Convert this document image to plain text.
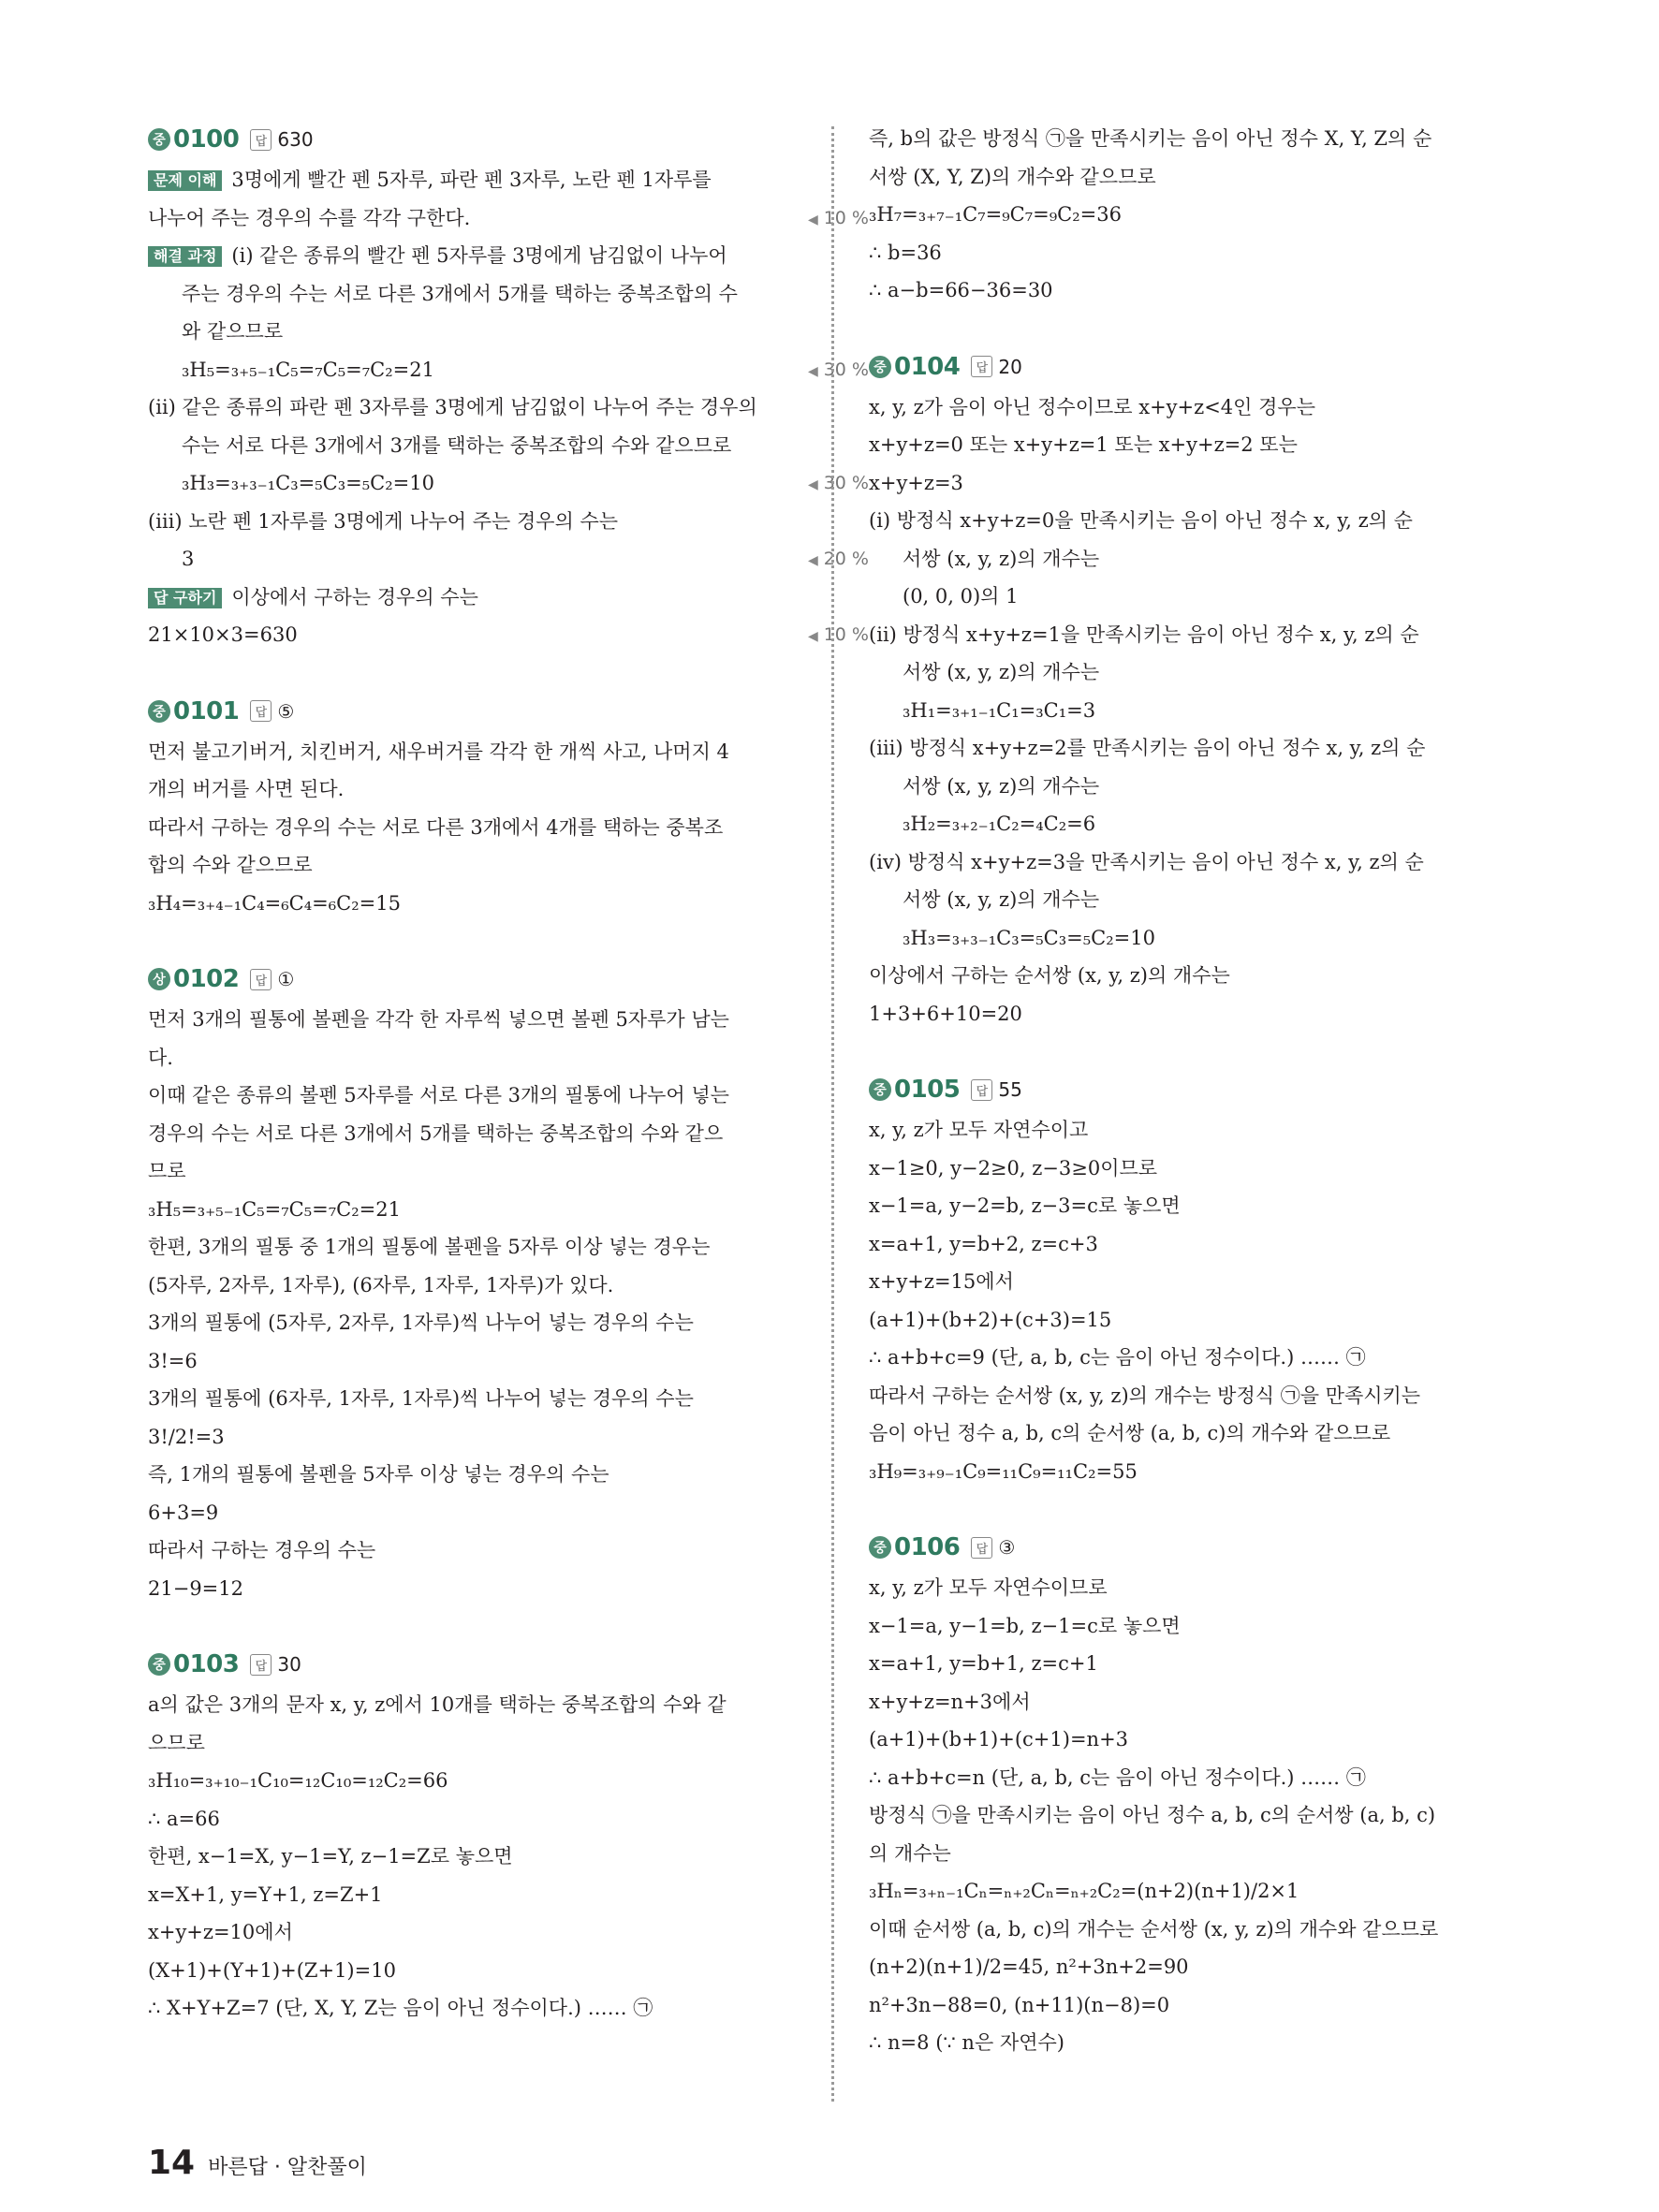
중 0100	답 630
문제 이해 3명에게 빨간 펜 5자루, 파란 펜 3자루, 노란 펜 1자루를
나누어 주는 경우의 수를 각각 구한다.	◀ 10 %
해결 과정 (ⅰ) 같은 종류의 빨간 펜 5자루를 3명에게 남김없이 나누어
주는 경우의 수는 서로 다른 3개에서 5개를 택하는 중복조합의 수
와 같으므로
₃H₅=₃₊₅₋₁C₅=₇C₅=₇C₂=21	◀ 30 %
(ⅱ) 같은 종류의 파란 펜 3자루를 3명에게 남김없이 나누어 주는 경우의
수는 서로 다른 3개에서 3개를 택하는 중복조합의 수와 같으므로
₃H₃=₃₊₃₋₁C₃=₅C₃=₅C₂=10	◀ 30 %
(ⅲ) 노란 펜 1자루를 3명에게 나누어 주는 경우의 수는
3	◀ 20 %
답 구하기 이상에서 구하는 경우의 수는
21×10×3=630	◀ 10 %
중 0101	답 ⑤
먼저 불고기버거, 치킨버거, 새우버거를 각각 한 개씩 사고, 나머지 4
개의 버거를 사면 된다.
따라서 구하는 경우의 수는 서로 다른 3개에서 4개를 택하는 중복조
합의 수와 같으므로
₃H₄=₃₊₄₋₁C₄=₆C₄=₆C₂=15
상 0102	답 ①
먼저 3개의 필통에 볼펜을 각각 한 자루씩 넣으면 볼펜 5자루가 남는
다.
이때 같은 종류의 볼펜 5자루를 서로 다른 3개의 필통에 나누어 넣는
경우의 수는 서로 다른 3개에서 5개를 택하는 중복조합의 수와 같으
므로
₃H₅=₃₊₅₋₁C₅=₇C₅=₇C₂=21
한편, 3개의 필통 중 1개의 필통에 볼펜을 5자루 이상 넣는 경우는
(5자루, 2자루, 1자루), (6자루, 1자루, 1자루)가 있다.
3개의 필통에 (5자루, 2자루, 1자루)씩 나누어 넣는 경우의 수는
3!=6
3개의 필통에 (6자루, 1자루, 1자루)씩 나누어 넣는 경우의 수는
3!/2!=3
즉, 1개의 필통에 볼펜을 5자루 이상 넣는 경우의 수는
6+3=9
따라서 구하는 경우의 수는
21−9=12
중 0103	답 30
a의 값은 3개의 문자 x, y, z에서 10개를 택하는 중복조합의 수와 같
으므로
₃H₁₀=₃₊₁₀₋₁C₁₀=₁₂C₁₀=₁₂C₂=66
∴ a=66
한편, x−1=X, y−1=Y, z−1=Z로 놓으면
x=X+1, y=Y+1, z=Z+1
x+y+z=10에서
(X+1)+(Y+1)+(Z+1)=10
∴ X+Y+Z=7 (단, X, Y, Z는 음이 아닌 정수이다.) …… ㉠
즉, b의 값은 방정식 ㉠을 만족시키는 음이 아닌 정수 X, Y, Z의 순
서쌍 (X, Y, Z)의 개수와 같으므로
₃H₇=₃₊₇₋₁C₇=₉C₇=₉C₂=36
∴ b=36
∴ a−b=66−36=30
중 0104	답 20
x, y, z가 음이 아닌 정수이므로 x+y+z<4인 경우는
x+y+z=0 또는 x+y+z=1 또는 x+y+z=2 또는
x+y+z=3
(ⅰ) 방정식 x+y+z=0을 만족시키는 음이 아닌 정수 x, y, z의 순
서쌍 (x, y, z)의 개수는
(0, 0, 0)의 1
(ⅱ) 방정식 x+y+z=1을 만족시키는 음이 아닌 정수 x, y, z의 순
서쌍 (x, y, z)의 개수는
₃H₁=₃₊₁₋₁C₁=₃C₁=3
(ⅲ) 방정식 x+y+z=2를 만족시키는 음이 아닌 정수 x, y, z의 순
서쌍 (x, y, z)의 개수는
₃H₂=₃₊₂₋₁C₂=₄C₂=6
(ⅳ) 방정식 x+y+z=3을 만족시키는 음이 아닌 정수 x, y, z의 순
서쌍 (x, y, z)의 개수는
₃H₃=₃₊₃₋₁C₃=₅C₃=₅C₂=10
이상에서 구하는 순서쌍 (x, y, z)의 개수는
1+3+6+10=20
중 0105	답 55
x, y, z가 모두 자연수이고
x−1≥0, y−2≥0, z−3≥0이므로
x−1=a, y−2=b, z−3=c로 놓으면
x=a+1, y=b+2, z=c+3
x+y+z=15에서
(a+1)+(b+2)+(c+3)=15
∴ a+b+c=9 (단, a, b, c는 음이 아닌 정수이다.) …… ㉠
따라서 구하는 순서쌍 (x, y, z)의 개수는 방정식 ㉠을 만족시키는
음이 아닌 정수 a, b, c의 순서쌍 (a, b, c)의 개수와 같으므로
₃H₉=₃₊₉₋₁C₉=₁₁C₉=₁₁C₂=55
중 0106	답 ③
x, y, z가 모두 자연수이므로
x−1=a, y−1=b, z−1=c로 놓으면
x=a+1, y=b+1, z=c+1
x+y+z=n+3에서
(a+1)+(b+1)+(c+1)=n+3
∴ a+b+c=n (단, a, b, c는 음이 아닌 정수이다.) …… ㉠
방정식 ㉠을 만족시키는 음이 아닌 정수 a, b, c의 순서쌍 (a, b, c)
의 개수는
₃Hₙ=₃₊ₙ₋₁Cₙ=ₙ₊₂Cₙ=ₙ₊₂C₂=(n+2)(n+1)/2×1
이때 순서쌍 (a, b, c)의 개수는 순서쌍 (x, y, z)의 개수와 같으므로
(n+2)(n+1)/2=45, n²+3n+2=90
n²+3n−88=0, (n+11)(n−8)=0
∴ n=8 (∵ n은 자연수)
14 바른답 · 알찬풀이
